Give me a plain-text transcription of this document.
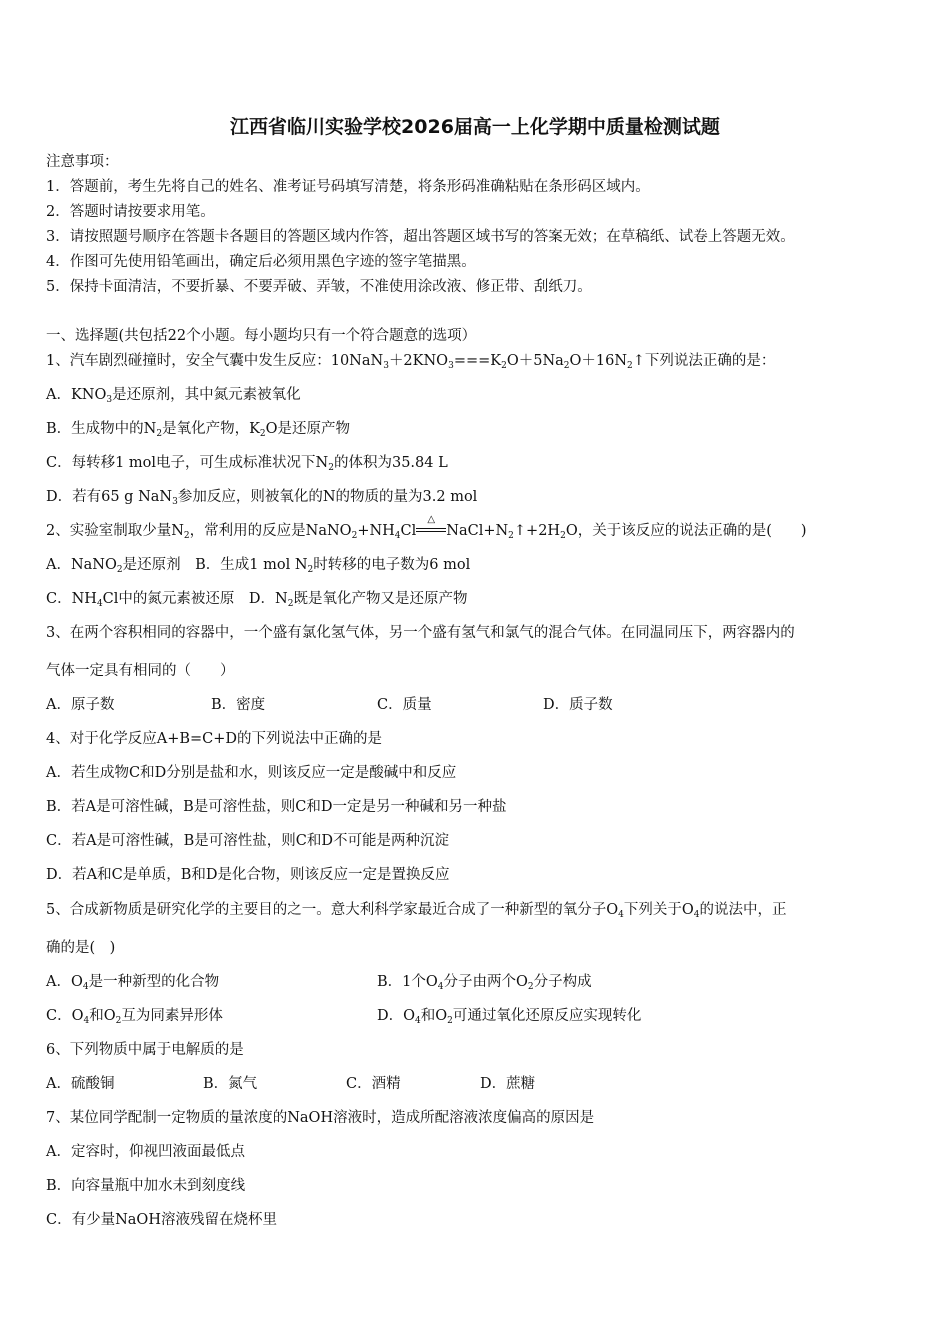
江西省临川实验学校2026届高一上化学期中质量检测试题
注意事项：
1．答题前，考生先将自己的姓名、准考证号码填写清楚，将条形码准确粘贴在条形码区域内。
2．答题时请按要求用笔。
3．请按照题号顺序在答题卡各题目的答题区域内作答，超出答题区域书写的答案无效；在草稿纸、试卷上答题无效。
4．作图可先使用铅笔画出，确定后必须用黑色字迹的签字笔描黑。
5．保持卡面清洁，不要折暴、不要弄破、弄皱，不准使用涂改液、修正带、刮纸刀。
一、选择题(共包括22个小题。每小题均只有一个符合题意的选项）
1、汽车剧烈碰撞时，安全气囊中发生反应：$10NaN_3+2KNO_3===K_2O+5Na_2O+16N_2↑$下列说法正确的是：
A．$KNO_3$是还原剂，其中氮元素被氧化
B．生成物中的$N_2$是氧化产物，$K_2O$是还原产物
C．每转移1 mol电子，可生成标准状况下$N_2$的体积为35.84 L
D．若有65 g NaN$_3$参加反应，则被氧化的N的物质的量为3.2 mol
2、实验室制取少量$N_2$，常利用的反应是$NaNO_2+NH_4Cl$
△
$NaCl+N_2↑+2H_2O$，关于该反应的说法正确的是(　　)
A．NaNO$_2$是还原剂　B．生成1 mol $N_2$时转移的电子数为6 mol
C．$NH_4Cl$中的氮元素被还原　D．$N_2$既是氧化产物又是还原产物
3、在两个容积相同的容器中，一个盛有氯化氢气体，另一个盛有氢气和氯气的混合气体。在同温同压下，两容器内的
气体一定具有相同的（　　）
A．原子数	B．密度	C．质量	D．质子数
4、对于化学反应A+B=C+D的下列说法中正确的是
A．若生成物C和D分别是盐和水，则该反应一定是酸碱中和反应
B．若A是可溶性碱，B是可溶性盐，则C和D一定是另一种碱和另一种盐
C．若A是可溶性碱，B是可溶性盐，则C和D不可能是两种沉淀
D．若A和C是单质，B和D是化合物，则该反应一定是置换反应
5、合成新物质是研究化学的主要目的之一。意大利科学家最近合成了一种新型的氧分子$O_4$下列关于$O_4$的说法中，正
确的是(　)
A．$O_4$是一种新型的化合物	B．1个$O_4$分子由两个$O_2$分子构成
C．$O_4$和$O_2$互为同素异形体	D．$O_4$和$O_2$可通过氧化还原反应实现转化
6、下列物质中属于电解质的是
A．硫酸铜	B．氮气	C．酒精	D．蔗糖
7、某位同学配制一定物质的量浓度的NaOH溶液时，造成所配溶液浓度偏高的原因是
A．定容时，仰视凹液面最低点
B．向容量瓶中加水未到刻度线
C．有少量NaOH溶液残留在烧杯里
